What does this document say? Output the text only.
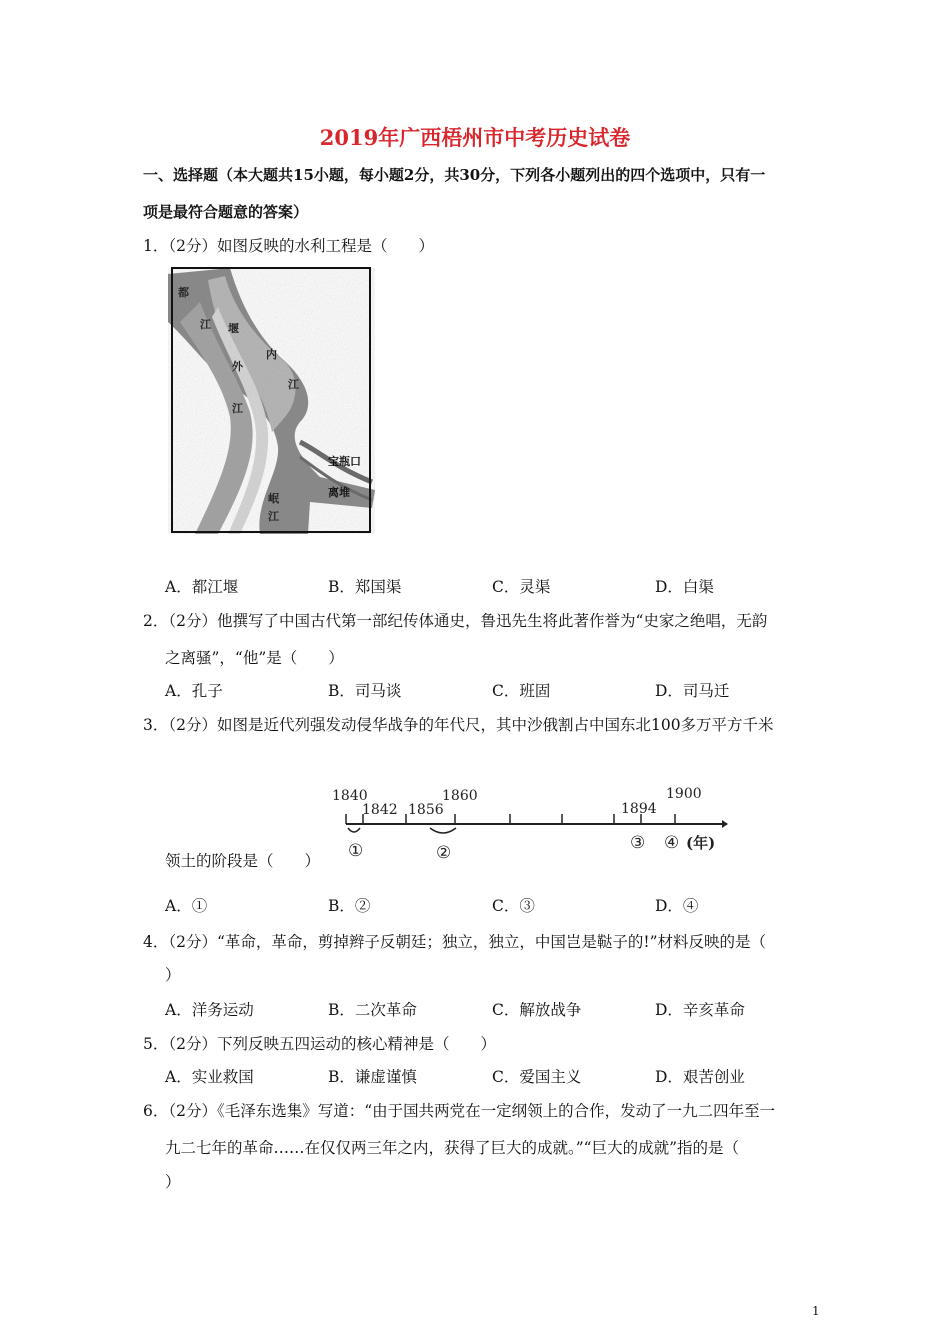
2019年广西梧州市中考历史试卷
一、选择题（本大题共15小题，每小题2分，共30分，下列各小题列出的四个选项中，只有一
项是最符合题意的答案）
1．（2分）如图反映的水利工程是（　　）
都
江 堰
外
江
内
江
岷
江
宝瓶口
离堆
A．都江堰	B．郑国渠	C．灵渠	D．白渠
2．（2分）他撰写了中国古代第一部纪传体通史，鲁迅先生将此著作誉为“史家之绝唱，无韵
之离骚”，“他”是（　　）
A．孔子	B．司马谈	C．班固	D．司马迁
3．（2分）如图是近代列强发动侵华战争的年代尺，其中沙俄割占中国东北100多万平方千米
1840
1842 1856
1860
1894
1900
①	②	③ ④ (年)
领土的阶段是（　　）
A．①	B．②	C．③	D．④
4．（2分）“革命，革命，剪掉辫子反朝廷；独立，独立，中国岂是鞑子的!”材料反映的是（
）
A．洋务运动	B．二次革命	C．解放战争	D．辛亥革命
5．（2分）下列反映五四运动的核心精神是（　　）
A．实业救国	B．谦虚谨慎	C．爱国主义	D．艰苦创业
6．（2分）《毛泽东选集》写道：“由于国共两党在一定纲领上的合作，发动了一九二四年至一
九二七年的革命……在仅仅两三年之内，获得了巨大的成就。”“巨大的成就”指的是（
）
1
